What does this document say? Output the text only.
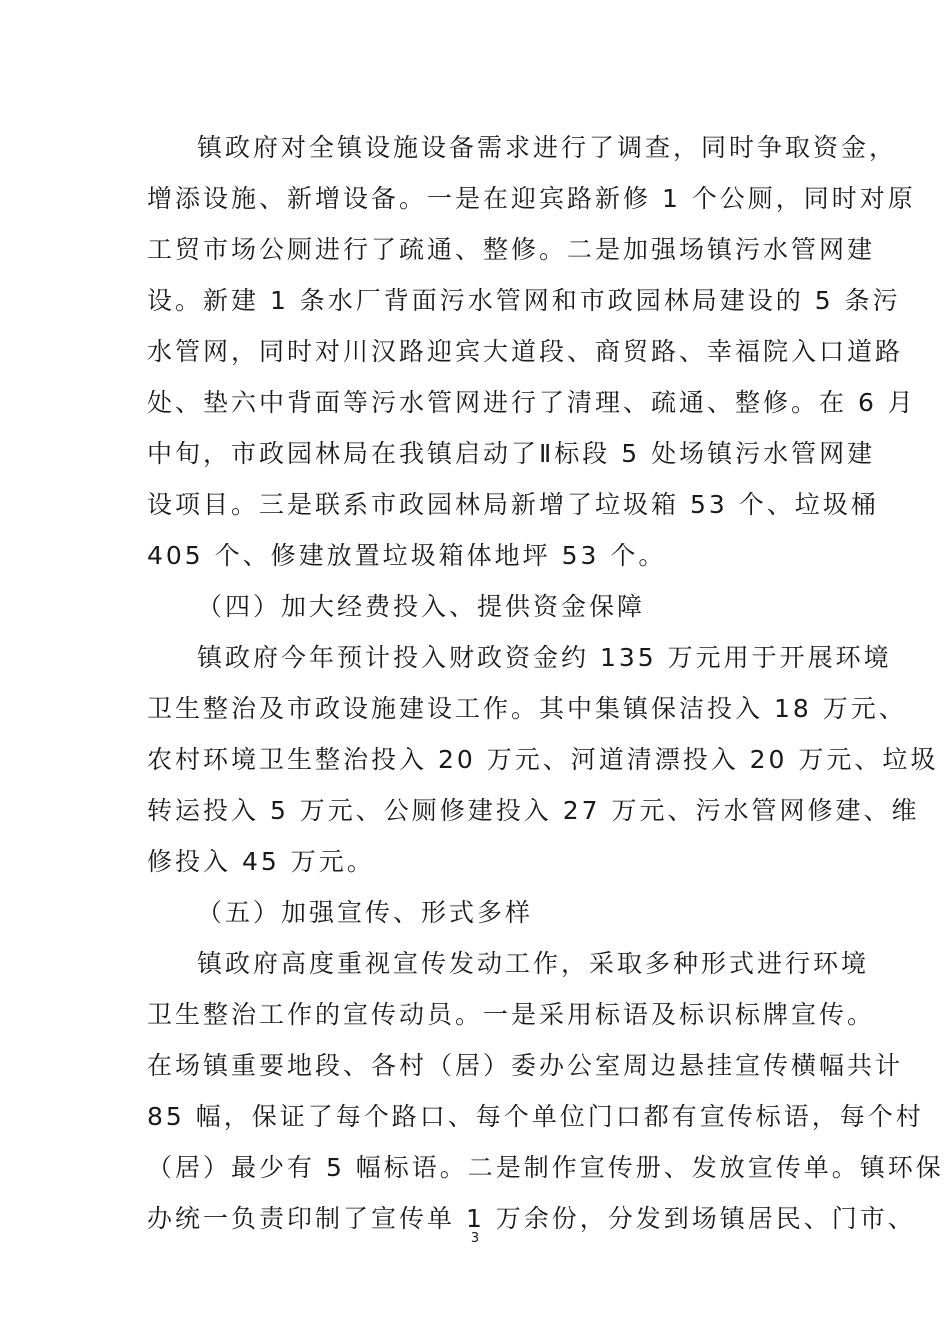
镇政府对全镇设施设备需求进行了调查，同时争取资金，
增添设施、新增设备。一是在迎宾路新修 1 个公厕，同时对原
工贸市场公厕进行了疏通、整修。二是加强场镇污水管网建
设。新建 1 条水厂背面污水管网和市政园林局建设的 5 条污
水管网，同时对川汉路迎宾大道段、商贸路、幸福院入口道路
处、垫六中背面等污水管网进行了清理、疏通、整修。在 6 月
中旬，市政园林局在我镇启动了Ⅱ标段 5 处场镇污水管网建
设项目。三是联系市政园林局新增了垃圾箱 53 个、垃圾桶
405 个、修建放置垃圾箱体地坪 53 个。
（四）加大经费投入、提供资金保障
镇政府今年预计投入财政资金约 135 万元用于开展环境
卫生整治及市政设施建设工作。其中集镇保洁投入 18 万元、
农村环境卫生整治投入 20 万元、河道清漂投入 20 万元、垃圾
转运投入 5 万元、公厕修建投入 27 万元、污水管网修建、维
修投入 45 万元。
（五）加强宣传、形式多样
镇政府高度重视宣传发动工作，采取多种形式进行环境
卫生整治工作的宣传动员。一是采用标语及标识标牌宣传。
在场镇重要地段、各村（居）委办公室周边悬挂宣传横幅共计
85 幅，保证了每个路口、每个单位门口都有宣传标语，每个村
（居）最少有 5 幅标语。二是制作宣传册、发放宣传单。镇环保
办统一负责印制了宣传单 1 万余份，分发到场镇居民、门市、
3
